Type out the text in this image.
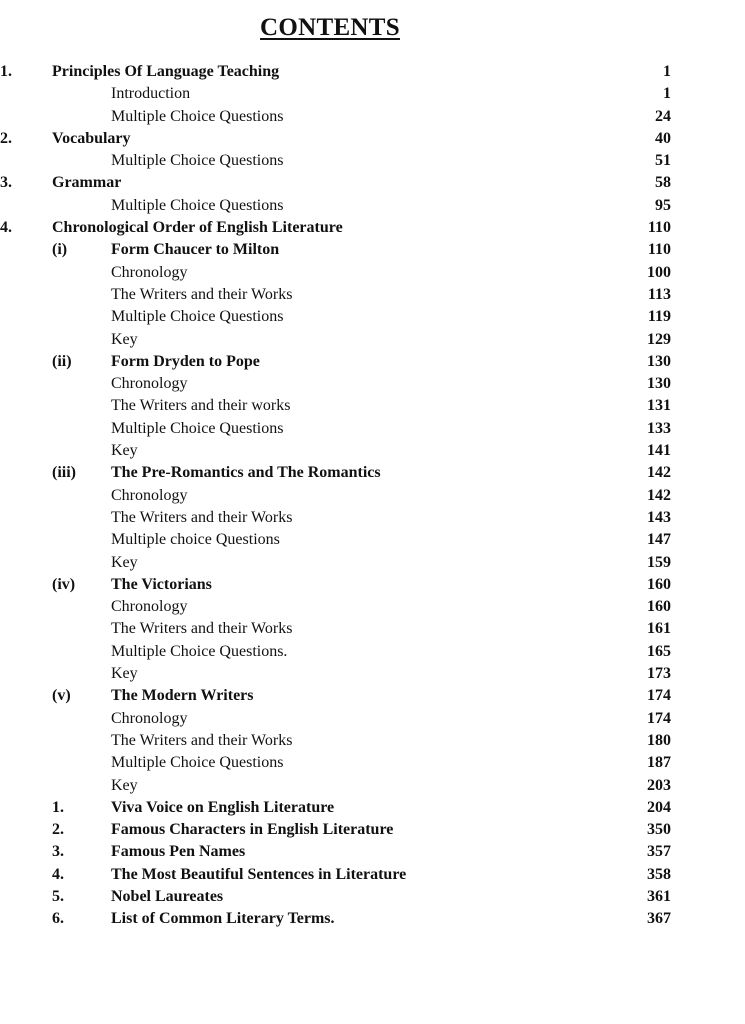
CONTENTS
1.	Principles Of Language Teaching	1
Introduction	1
Multiple Choice Questions	24
2.	Vocabulary	40
Multiple Choice Questions	51
3.	Grammar	58
Multiple Choice Questions	95
4.	Chronological Order of English Literature	110
(i)	Form Chaucer to Milton	110
Chronology	100
The Writers and their Works	113
Multiple Choice Questions	119
Key	129
(ii) Form Dryden to Pope	130
Chronology	130
The Writers and their works	131
Multiple Choice Questions	133
Key	141
(iii) The Pre-Romantics and The Romantics	142
Chronology	142
The Writers and their Works	143
Multiple choice Questions	147
Key	159
(iv) The Victorians	160
Chronology	160
The Writers and their Works	161
Multiple Choice Questions.	165
Key	173
(v)	The Modern Writers	174
Chronology	174
The Writers and their Works	180
Multiple Choice Questions	187
Key	203
1.	Viva Voice on English Literature	204
2.	Famous Characters in English Literature	350
3.	Famous Pen Names	357
4.	The Most Beautiful Sentences in Literature	358
5.	Nobel Laureates	361
6.	List of Common Literary Terms.	367
